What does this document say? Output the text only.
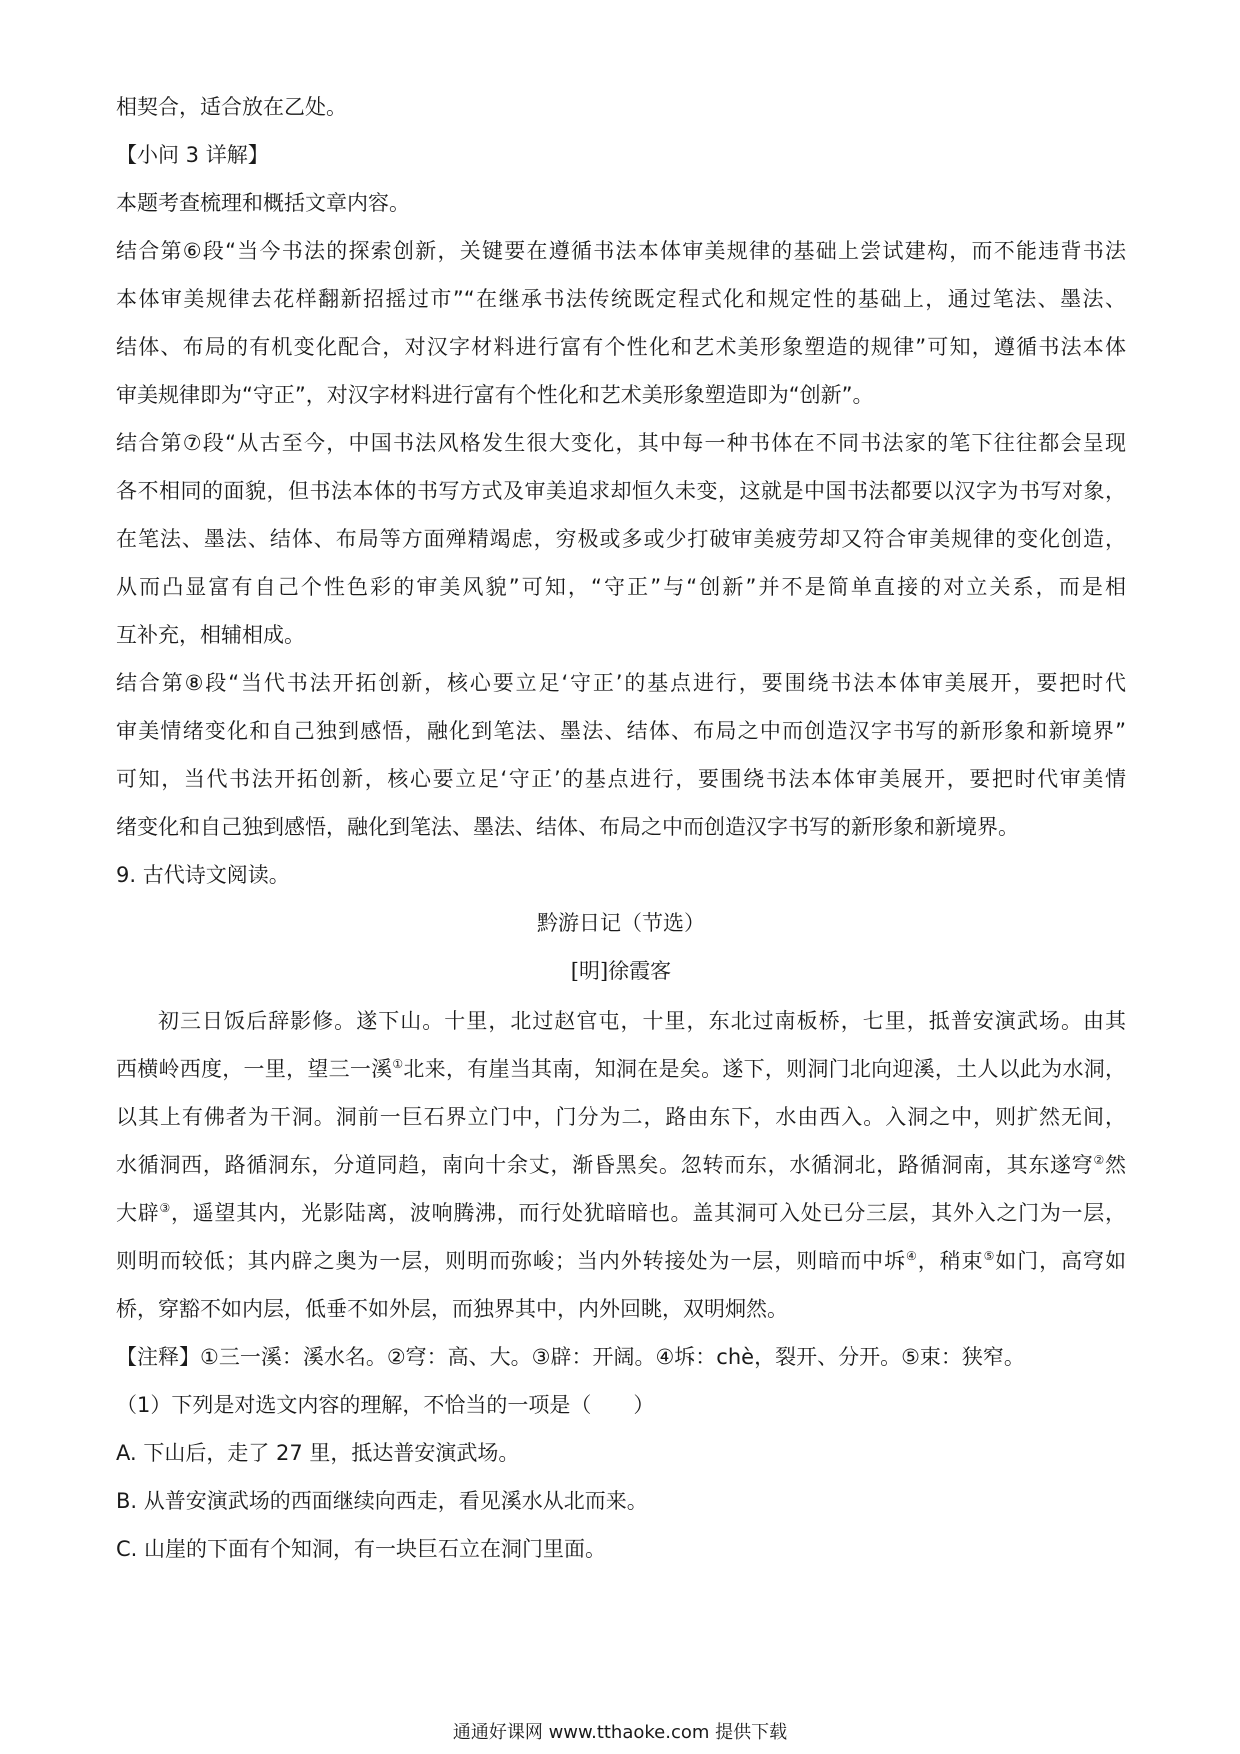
相契合，适合放在乙处。
【小问 3 详解】
本题考查梳理和概括文章内容。
结合第⑥段“当今书法的探索创新，关键要在遵循书法本体审美规律的基础上尝试建构，而不能违背书法
本体审美规律去花样翻新招摇过市”“在继承书法传统既定程式化和规定性的基础上，通过笔法、墨法、
结体、布局的有机变化配合，对汉字材料进行富有个性化和艺术美形象塑造的规律”可知，遵循书法本体
审美规律即为“守正”，对汉字材料进行富有个性化和艺术美形象塑造即为“创新”。
结合第⑦段“从古至今，中国书法风格发生很大变化，其中每一种书体在不同书法家的笔下往往都会呈现
各不相同的面貌，但书法本体的书写方式及审美追求却恒久未变，这就是中国书法都要以汉字为书写对象，
在笔法、墨法、结体、布局等方面殚精竭虑，穷极或多或少打破审美疲劳却又符合审美规律的变化创造，
从而凸显富有自己个性色彩的审美风貌”可知，“守正”与“创新”并不是简单直接的对立关系，而是相
互补充，相辅相成。
结合第⑧段“当代书法开拓创新，核心要立足‘守正’的基点进行，要围绕书法本体审美展开，要把时代
审美情绪变化和自己独到感悟，融化到笔法、墨法、结体、布局之中而创造汉字书写的新形象和新境界”
可知，当代书法开拓创新，核心要立足‘守正’的基点进行，要围绕书法本体审美展开，要把时代审美情
绪变化和自己独到感悟，融化到笔法、墨法、结体、布局之中而创造汉字书写的新形象和新境界。
9. 古代诗文阅读。
黔游日记（节选）
[明]徐霞客
初三日饭后辞影修。遂下山。十里，北过赵官屯，十里，东北过南板桥，七里，抵普安演武场。由其
西横岭西度，一里，望三一溪①北来，有崖当其南，知洞在是矣。遂下，则洞门北向迎溪，土人以此为水洞，
以其上有佛者为干洞。洞前一巨石界立门中，门分为二，路由东下，水由西入。入洞之中，则扩然无间，
水循洞西，路循洞东，分道同趋，南向十余丈，渐昏黑矣。忽转而东，水循洞北，路循洞南，其东遂穹②然
大辟③，遥望其内，光影陆离，波响腾沸，而行处犹暗暗也。盖其洞可入处已分三层，其外入之门为一层，
则明而较低；其内辟之奥为一层，则明而弥峻；当内外转接处为一层，则暗而中坼④，稍束⑤如门，高穹如
桥，穿豁不如内层，低垂不如外层，而独界其中，内外回眺，双明炯然。
【注释】①三一溪：溪水名。②穹：高、大。③辟：开阔。④坼：chè，裂开、分开。⑤束：狭窄。
（1）下列是对选文内容的理解，不恰当的一项是（　　）
A. 下山后，走了 27 里，抵达普安演武场。
B. 从普安演武场的西面继续向西走，看见溪水从北而来。
C. 山崖的下面有个知洞，有一块巨石立在洞门里面。
通通好课网 www.tthaoke.com 提供下载
